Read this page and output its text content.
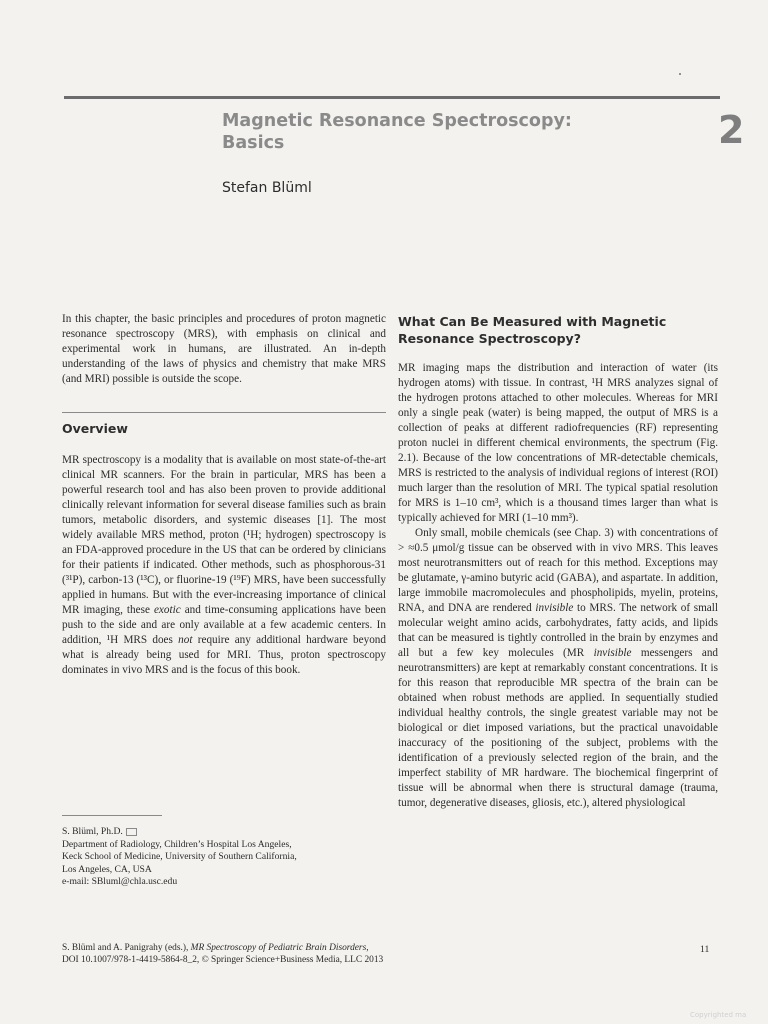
Magnetic Resonance Spectroscopy:
Basics	2
Stefan Blüml
In this chapter, the basic principles and procedures of proton magnetic resonance spectroscopy (MRS), with emphasis on clinical and experimental work in humans, are illustrated. An in-depth understanding of the laws of physics and chemistry that make MRS (and MRI) possible is outside the scope.
Overview

MR spectroscopy is a modality that is available on most state-of-the-art clinical MR scanners. For the brain in particular, MRS has been a powerful research tool and has also been proven to provide additional clinically relevant information for several disease families such as brain tumors, metabolic disorders, and systemic diseases [1]. The most widely available MRS method, proton (¹H; hydrogen) spectroscopy is an FDA-approved procedure in the US that can be ordered by clinicians for their patients if indicated. Other methods, such as phosphorous-31 (³¹P), carbon-13 (¹³C), or fluorine-19 (¹⁹F) MRS, have been successfully applied in humans. But with the ever-increasing importance of clinical MR imaging, these exotic and time-consuming applications have been push to the side and are only available at a few academic centers. In addition, ¹H MRS does not require any additional hardware beyond what is already being used for MRI. Thus, proton spectroscopy dominates in vivo MRS and is the focus of this book.

What Can Be Measured with Magnetic
Resonance Spectroscopy?

MR imaging maps the distribution and interaction of water (its hydrogen atoms) with tissue. In contrast, ¹H MRS analyzes signal of the hydrogen protons attached to other molecules. Whereas for MRI only a single peak (water) is being mapped, the output of MRS is a collection of peaks at different radiofrequencies (RF) representing proton nuclei in different chemical environments, the spectrum (Fig. 2.1). Because of the low concentrations of MR-detectable chemicals, MRS is restricted to the analysis of individual regions of interest (ROI) much larger than the resolution of MRI. The typical spatial resolution for MRS is 1–10 cm³, which is a thousand times larger than what is typically achieved for MRI (1–10 mm³).

Only small, mobile chemicals (see Chap. 3) with concentrations of > ≈0.5 μmol/g tissue can be observed with in vivo MRS. This leaves most neurotransmitters out of reach for this method. Exceptions may be glutamate, γ-amino butyric acid (GABA), and aspartate. In addition, large immobile macromolecules and phospholipids, myelin, proteins, RNA, and DNA are rendered invisible to MRS. The network of small molecular weight amino acids, carbohydrates, fatty acids, and lipids that can be measured is tightly controlled in the brain by enzymes and all but a few key molecules (MR invisible messengers and neurotransmitters) are kept at remarkably constant concentrations. It is for this reason that reproducible MR spectra of the brain can be obtained when robust methods are applied. In sequentially studied individual healthy controls, the single greatest variable may not be biological or diet imposed variations, but the practical unavoidable inaccuracy of the positioning of the subject, problems with the identification of a previously selected region of the brain, and the imperfect stability of MR hardware. The biochemical fingerprint of tissue will be abnormal when there is structural damage (trauma, tumor, degenerative diseases, gliosis, etc.), altered physiological

S. Blüml, Ph.D.
Department of Radiology, Children’s Hospital Los Angeles,
Keck School of Medicine, University of Southern California,
Los Angeles, CA, USA
e-mail: SBluml@chla.usc.edu
S. Blüml and A. Panigrahy (eds.), MR Spectroscopy of Pediatric Brain Disorders,
DOI 10.1007/978-1-4419-5864-8_2, © Springer Science+Business Media, LLC 2013
11
Copyrighted ma
